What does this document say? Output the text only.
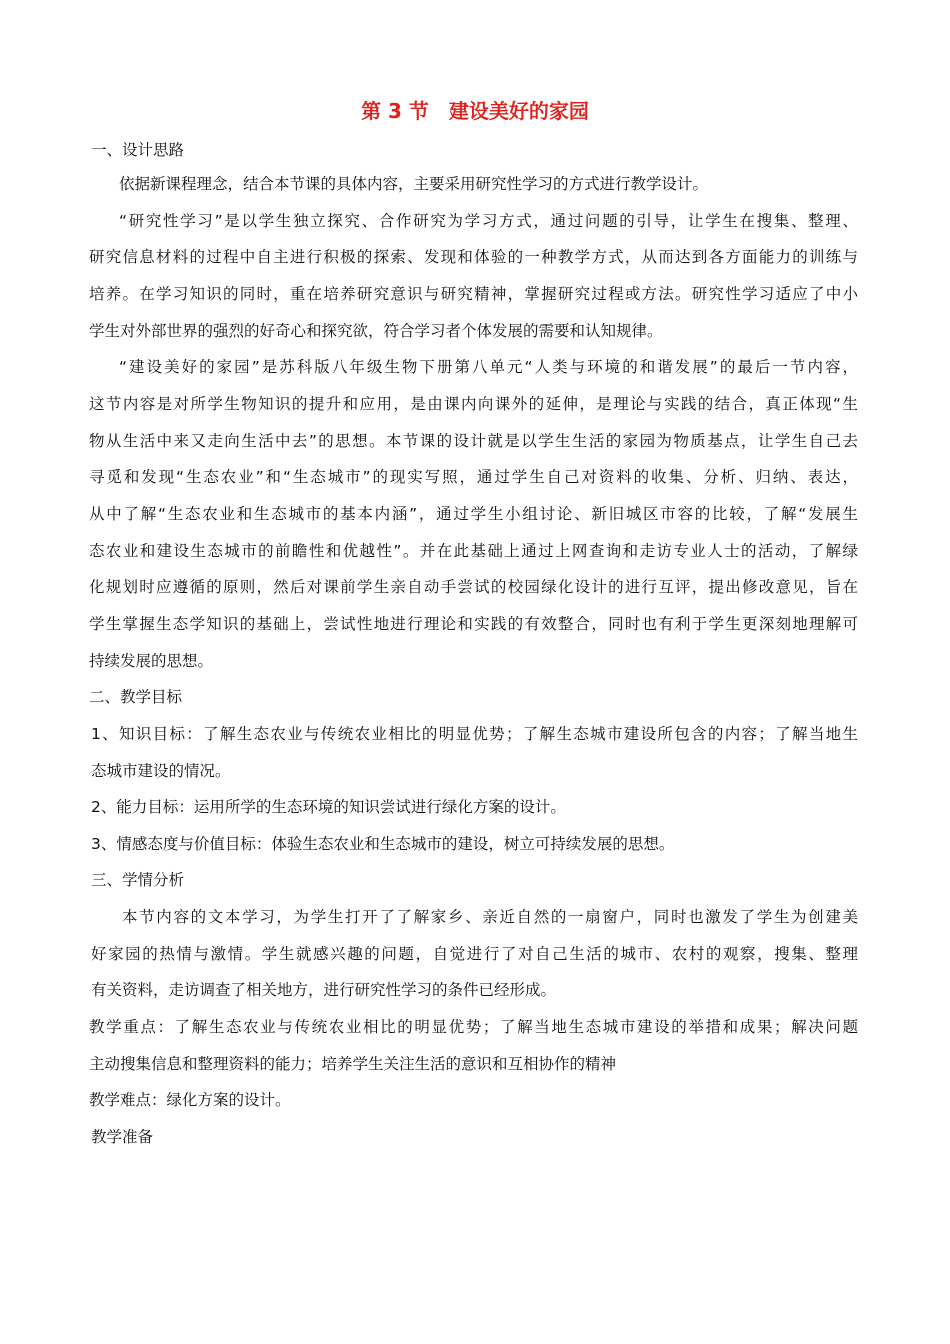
第 3 节　建设美好的家园
一、设计思路
依据新课程理念，结合本节课的具体内容，主要采用研究性学习的方式进行教学设计。
“研究性学习”是以学生独立探究、合作研究为学习方式，通过问题的引导，让学生在搜集、整理、
研究信息材料的过程中自主进行积极的探索、发现和体验的一种教学方式，从而达到各方面能力的训练与
培养。在学习知识的同时，重在培养研究意识与研究精神，掌握研究过程或方法。研究性学习适应了中小
学生对外部世界的强烈的好奇心和探究欲，符合学习者个体发展的需要和认知规律。
“建设美好的家园”是苏科版八年级生物下册第八单元“人类与环境的和谐发展”的最后一节内容，
这节内容是对所学生物知识的提升和应用，是由课内向课外的延伸，是理论与实践的结合，真正体现“生
物从生活中来又走向生活中去”的思想。本节课的设计就是以学生生活的家园为物质基点，让学生自己去
寻觅和发现“生态农业”和“生态城市”的现实写照，通过学生自己对资料的收集、分析、归纳、表达，
从中了解“生态农业和生态城市的基本内涵”，通过学生小组讨论、新旧城区市容的比较，了解“发展生
态农业和建设生态城市的前瞻性和优越性”。并在此基础上通过上网查询和走访专业人士的活动，了解绿
化规划时应遵循的原则，然后对课前学生亲自动手尝试的校园绿化设计的进行互评，提出修改意见，旨在
学生掌握生态学知识的基础上，尝试性地进行理论和实践的有效整合，同时也有利于学生更深刻地理解可
持续发展的思想。
二、教学目标
1、知识目标：了解生态农业与传统农业相比的明显优势；了解生态城市建设所包含的内容；了解当地生
态城市建设的情况。
2、能力目标：运用所学的生态环境的知识尝试进行绿化方案的设计。
3、情感态度与价值目标：体验生态农业和生态城市的建设，树立可持续发展的思想。
三、学情分析
本节内容的文本学习，为学生打开了了解家乡、亲近自然的一扇窗户，同时也激发了学生为创建美
好家园的热情与激情。学生就感兴趣的问题，自觉进行了对自己生活的城市、农村的观察，搜集、整理
有关资料，走访调查了相关地方，进行研究性学习的条件已经形成。
教学重点：了解生态农业与传统农业相比的明显优势；了解当地生态城市建设的举措和成果；解决问题
主动搜集信息和整理资料的能力；培养学生关注生活的意识和互相协作的精神
教学难点：绿化方案的设计。
教学准备
